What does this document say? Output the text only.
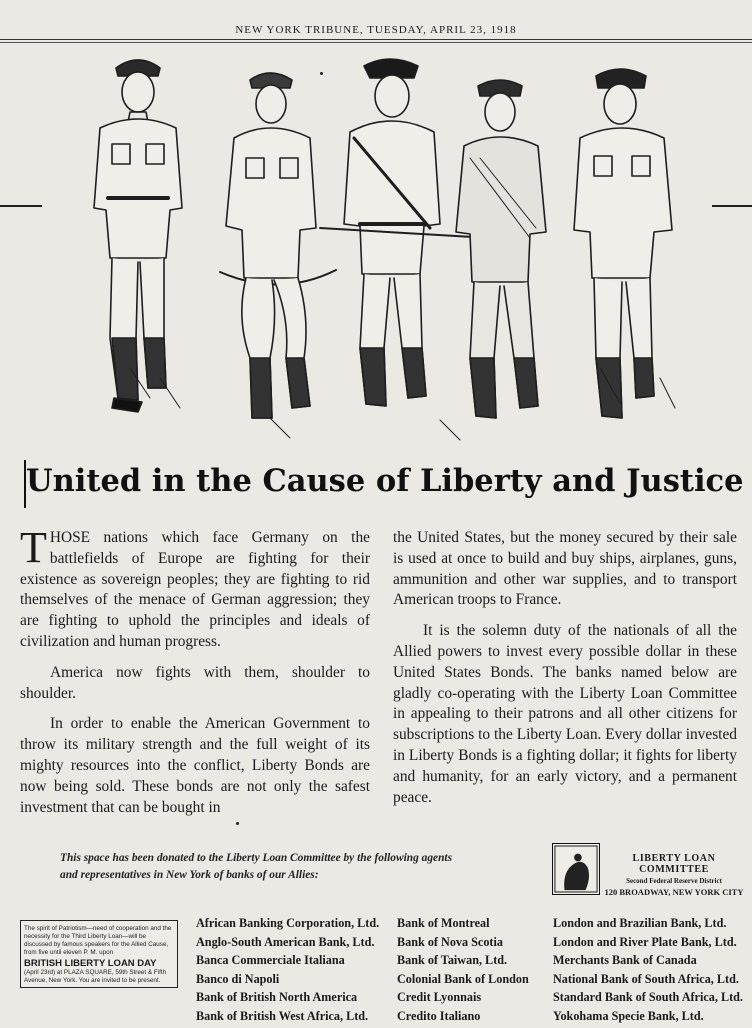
NEW YORK TRIBUNE, TUESDAY, APRIL 23, 1918
United in the Cause of Liberty and Justice

THOSE nations which face Germany on the battlefields of Europe are fighting for their existence as sovereign peoples; they are fighting to rid themselves of the menace of German aggression; they are fighting to uphold the principles and ideals of civilization and human progress.

America now fights with them, shoulder to shoulder.

In order to enable the American Government to throw its military strength and the full weight of its mighty resources into the conflict, Liberty Bonds are now being sold. These bonds are not only the safest investment that can be bought in

the United States, but the money secured by their sale is used at once to build and buy ships, airplanes, guns, ammunition and other war supplies, and to transport American troops to France.

It is the solemn duty of the nationals of all the Allied powers to invest every possible dollar in these United States Bonds. The banks named below are gladly co-operating with the Liberty Loan Committee in appealing to their patrons and all other citizens for subscriptions to the Liberty Loan. Every dollar invested in Liberty Bonds is a fighting dollar; it fights for liberty and humanity, for an early victory, and a permanent peace.

This space has been donated to the Liberty Loan Committee by the following agents and representatives in New York of banks of our Allies:
LIBERTY LOAN COMMITTEE
Second Federal Reserve District
120 BROADWAY, NEW YORK CITY
The spirit of Patriotism—need of cooperation and the necessity for the Third Liberty Loan—will be discussed by famous speakers for the Allied Cause, from five until eleven P. M. upon
BRITISH LIBERTY LOAN DAY
(April 23rd) at PLAZA SQUARE, 59th Street & Fifth Avenue, New York. You are invited to be present.
African Banking Corporation, Ltd.
Anglo-South American Bank, Ltd.
Banca Commerciale Italiana
Banco di Napoli
Bank of British North America
Bank of British West Africa, Ltd.
Bank of Montreal
Bank of Nova Scotia
Bank of Taiwan, Ltd.
Colonial Bank of London
Credit Lyonnais
Credito Italiano
London and Brazilian Bank, Ltd.
London and River Plate Bank, Ltd.
Merchants Bank of Canada
National Bank of South Africa, Ltd.
Standard Bank of South Africa, Ltd.
Yokohama Specie Bank, Ltd.
